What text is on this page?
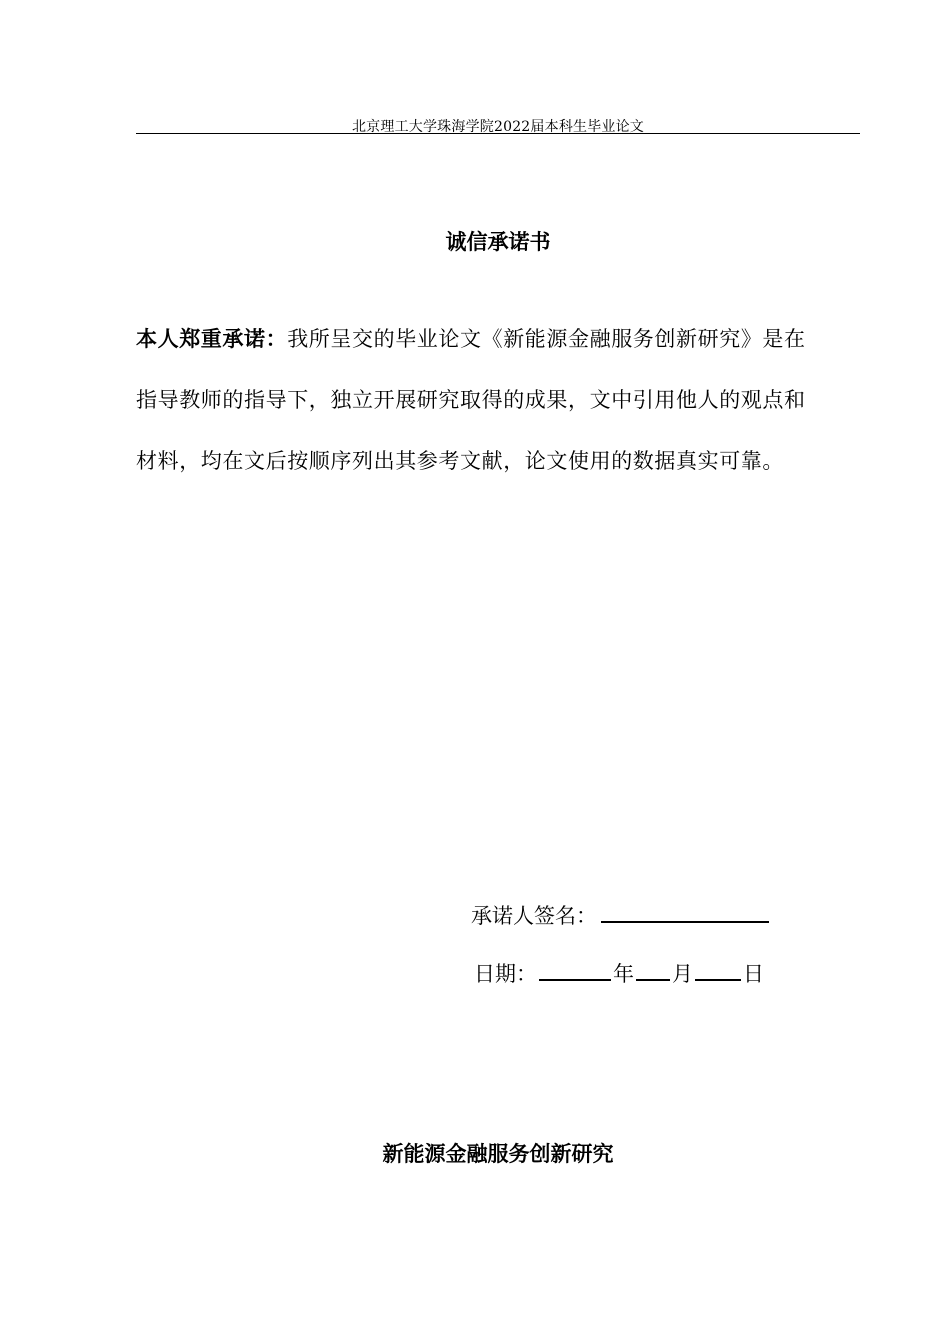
北京理工大学珠海学院2022届本科生毕业论文
诚信承诺书

本人郑重承诺：我所呈交的毕业论文《新能源金融服务创新研究》是在指导教师的指导下，独立开展研究取得的成果，文中引用他人的观点和材料，均在文后按顺序列出其参考文献，论文使用的数据真实可靠。

承诺人签名：
日期：	年 月 日
新能源金融服务创新研究
